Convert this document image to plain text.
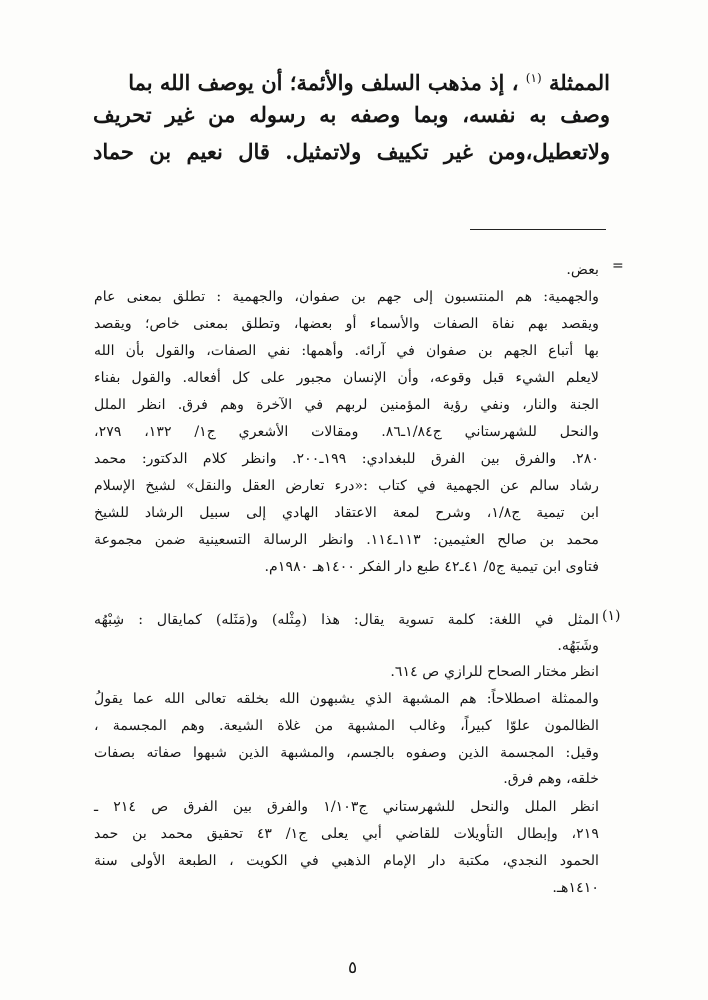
الممثلة $^{(١)}$ ، إذ مذهب السلف والأئمة؛ أن يوصف الله بما
وصف به نفسه، وبما وصفه به رسوله من غير تحريف
ولاتعطيل،ومن غير تكييف ولاتمثيل. قال نعيم بن حماد
=
(١)
بعض.
والجهمية: هم المنتسبون إلى جهم بن صفوان، والجهمية : تطلق بمعنى عام
ويقصد بهم نفاة الصفات والأسماء أو بعضها، وتطلق بمعنى خاص؛ ويقصد
بها أتباع الجهم بن صفوان في آرائه. وأهمها: نفي الصفات، والقول بأن الله
لايعلم الشيء قبل وقوعه، وأن الإنسان مجبور على كل أفعاله. والقول بفناء
الجنة والنار، ونفي رؤية المؤمنين لربهم في الآخرة وهم فرق. انظر الملل
والنحل للشهرستاني ج١/٨٤ـ٨٦. ومقالات الأشعري ج١/ ١٣٢، ٢٧٩،
٢٨٠. والفرق بين الفرق للبغدادي: ١٩٩ـ٢٠٠. وانظر كلام الدكتور: محمد
رشاد سالم عن الجهمية في كتاب :«درء تعارض العقل والنقل» لشيخ الإسلام
ابن تيمية ج١/٨، وشرح لمعة الاعتقاد الهادي إلى سبيل الرشاد للشيخ
محمد بن صالح العثيمين: ١١٣ـ١١٤. وانظر الرسالة التسعينية ضمن مجموعة
فتاوى ابن تيمية ج٥/ ٤١ـ٤٢ طبع دار الفكر ١٤٠٠هـ ١٩٨٠م.
المثل في اللغة: كلمة تسوية يقال: هذا (مِثْله) و(مَثَله) كمايقال : شِبْهُه
وشَبَهُه.
انظر مختار الصحاح للرازي ص ٦١٤.
والممثلة اصطلاحاً: هم المشبهة الذي يشبهون الله بخلقه تعالى الله عما يقولُ
الظالمون علوّا كبيراً، وغالب المشبهة من غلاة الشيعة. وهم المجسمة ،
وقيل: المجسمة الذين وصفوه بالجسم، والمشبهة الذين شبهوا صفاته بصفات
خلقه، وهم فرق.
انظر الملل والنحل للشهرستاني ج١/١٠٣ والفرق بين الفرق ص ٢١٤ ـ
٢١٩، وإبطال التأويلات للقاضي أبي يعلى ج١/ ٤٣ تحقيق محمد بن حمد
الحمود النجدي، مكتبة دار الإمام الذهبي في الكويت ، الطبعة الأولى سنة
١٤١٠هـ.
٥
